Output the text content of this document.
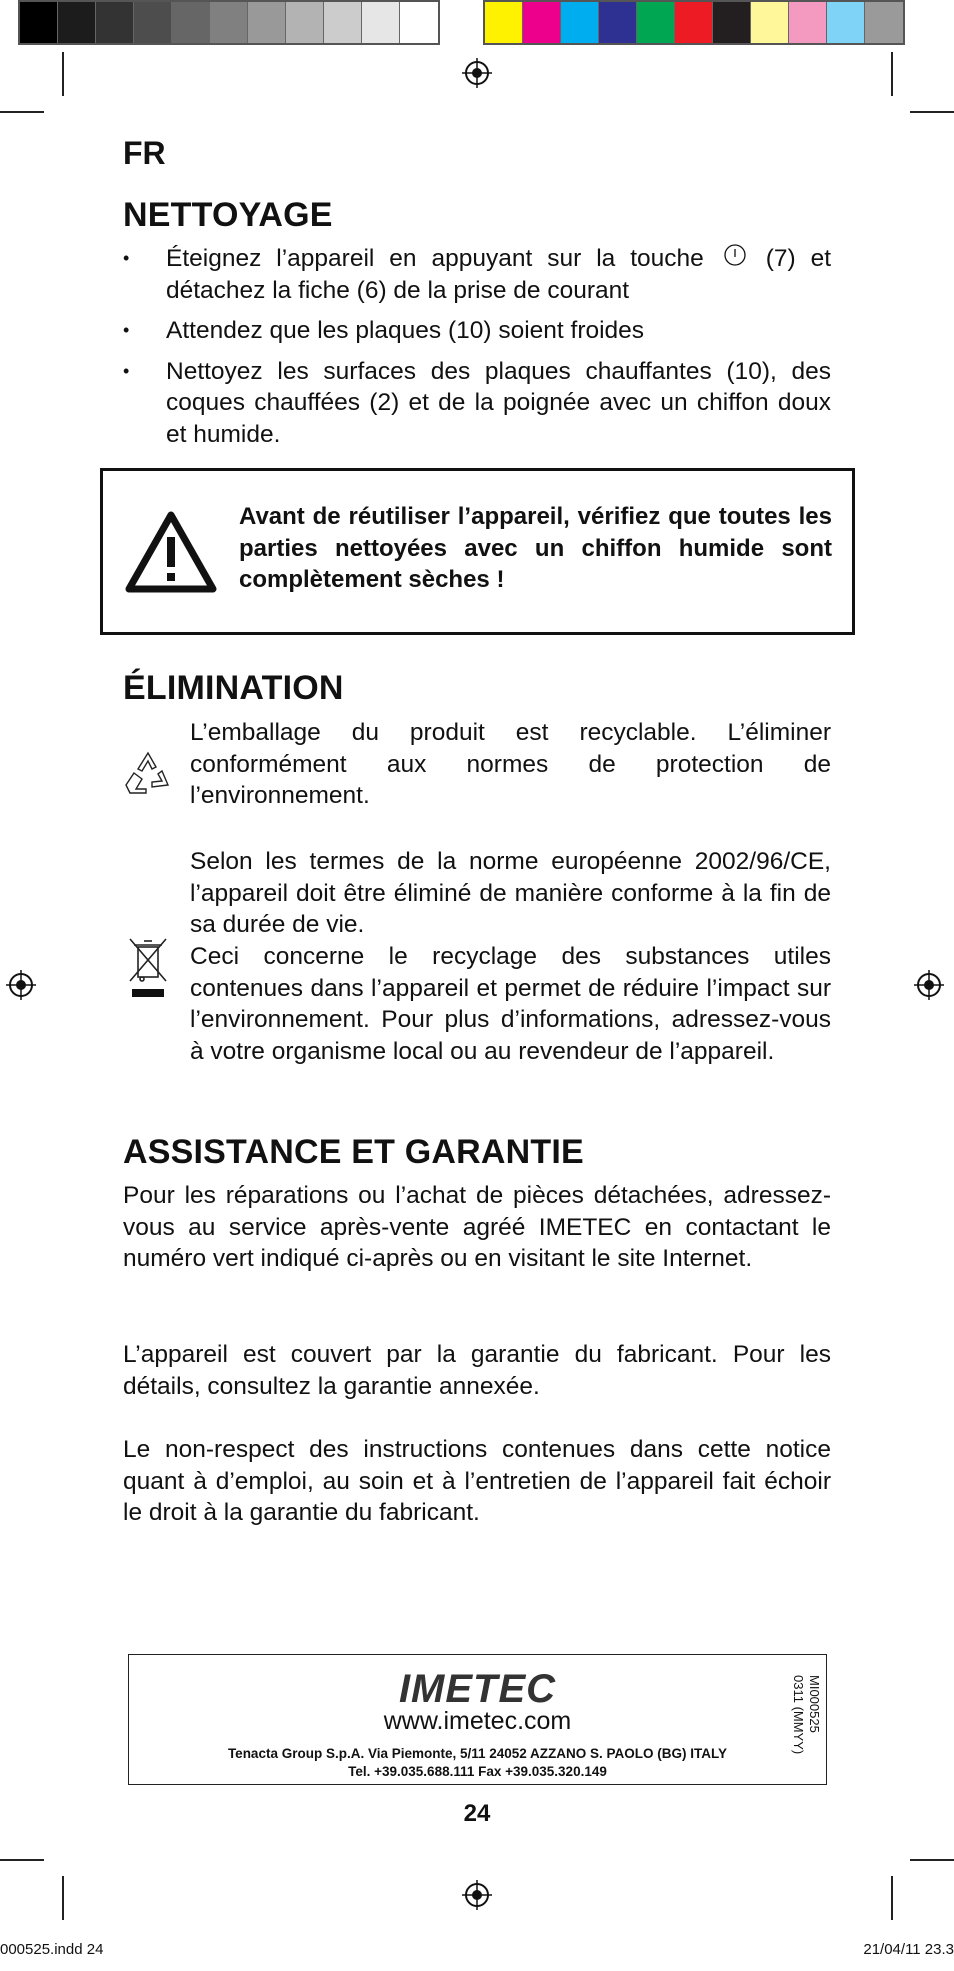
FR
NETTOYAGE
• Éteignez l’appareil en appuyant sur la touche	(7) et détachez la fiche (6) de la prise de courant
• Attendez que les plaques (10) soient froides
• Nettoyez les surfaces des plaques chauffantes (10), des coques chauffées (2) et de la poignée avec un chiffon doux et humide.
Avant de réutiliser l’appareil, vérifiez que toutes les parties nettoyées avec un chiffon humide sont complètement sèches !
ÉLIMINATION
L’emballage du produit est recyclable. L’éliminer conformément aux normes de protection de l’environnement.
Selon les termes de la norme européenne 2002/96/CE, l’appareil doit être éliminé de manière conforme à la fin de sa durée de vie.
Ceci concerne le recyclage des substances utiles contenues dans l’appareil et permet de réduire l’impact sur l’environnement. Pour plus d’informations, adressez-vous à votre organisme local ou au revendeur de l’appareil.
ASSISTANCE ET GARANTIE
Pour les réparations ou l’achat de pièces détachées, adressez-vous au service après-vente agréé IMETEC en contactant le numéro vert indiqué ci-après ou en visitant le site Internet.
L’appareil est couvert par la garantie du fabricant. Pour les détails, consultez la garantie annexée.
Le non-respect des instructions contenues dans cette notice quant à d’emploi, au soin et à l’entretien de l’appareil fait échoir le droit à la garantie du fabricant.
IMETEC
www.imetec.com
Tenacta Group S.p.A. Via Piemonte, 5/11 24052 AZZANO S. PAOLO (BG) ITALY
Tel. +39.035.688.111 Fax +39.035.320.149
MI000525
0311 (MMYY)
24
000525.indd 24	21/04/11 23.3
